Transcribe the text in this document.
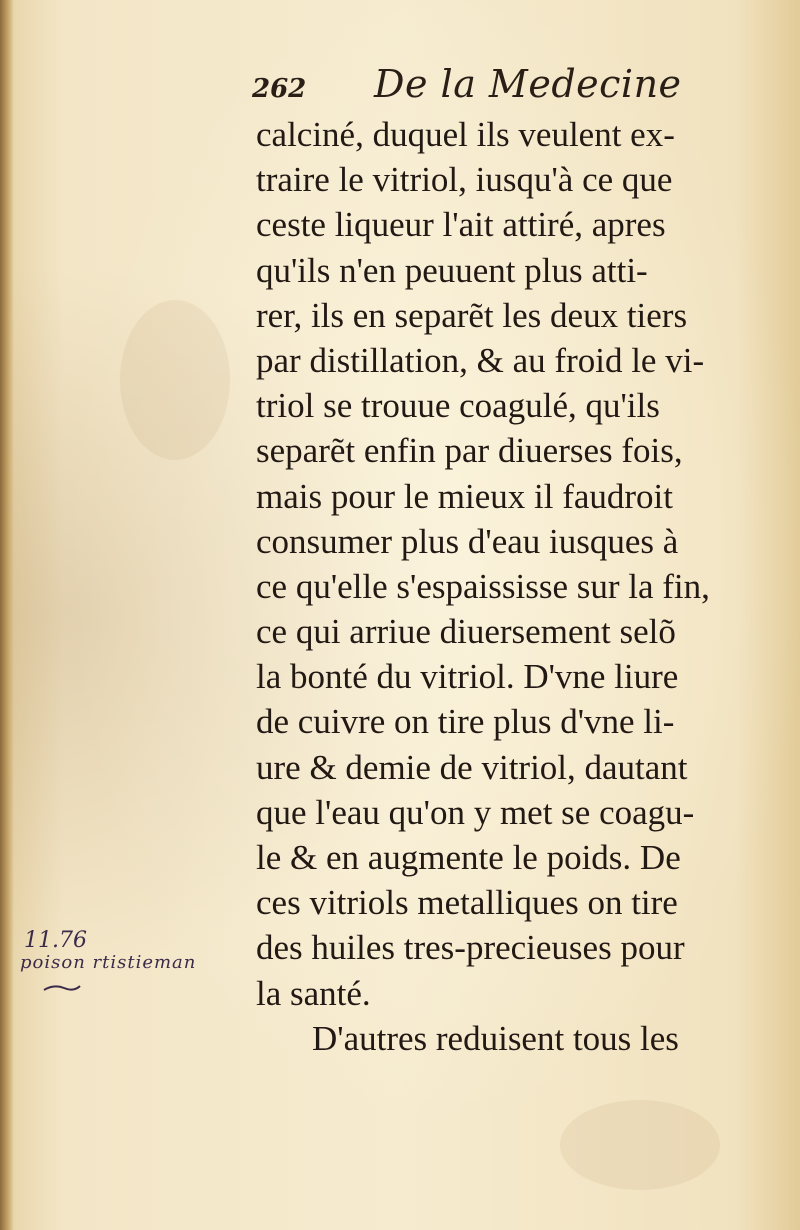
262 De la Medecine
calciné, duquel ils veulent ex-
traire le vitriol, iusqu'à ce que
ceste liqueur l'ait attiré, apres
qu'ils n'en peuuent plus atti-
rer, ils en separẽt les deux tiers
par distillation, & au froid le vi-
triol se trouue coagulé, qu'ils
separẽt enfin par diuerses fois,
mais pour le mieux il faudroit
consumer plus d'eau iusques à
ce qu'elle s'espaississe sur la fin,
ce qui arriue diuersement selõ
la bonté du vitriol. D'vne liure
de cuivre on tire plus d'vne li-
ure & demie de vitriol, dautant
que l'eau qu'on y met se coagu-
le & en augmente le poids. De
ces vitriols metalliques on tire
des huiles tres-precieuses pour
la santé.
D'autres reduisent tous les
11.76
poison rtistieman
